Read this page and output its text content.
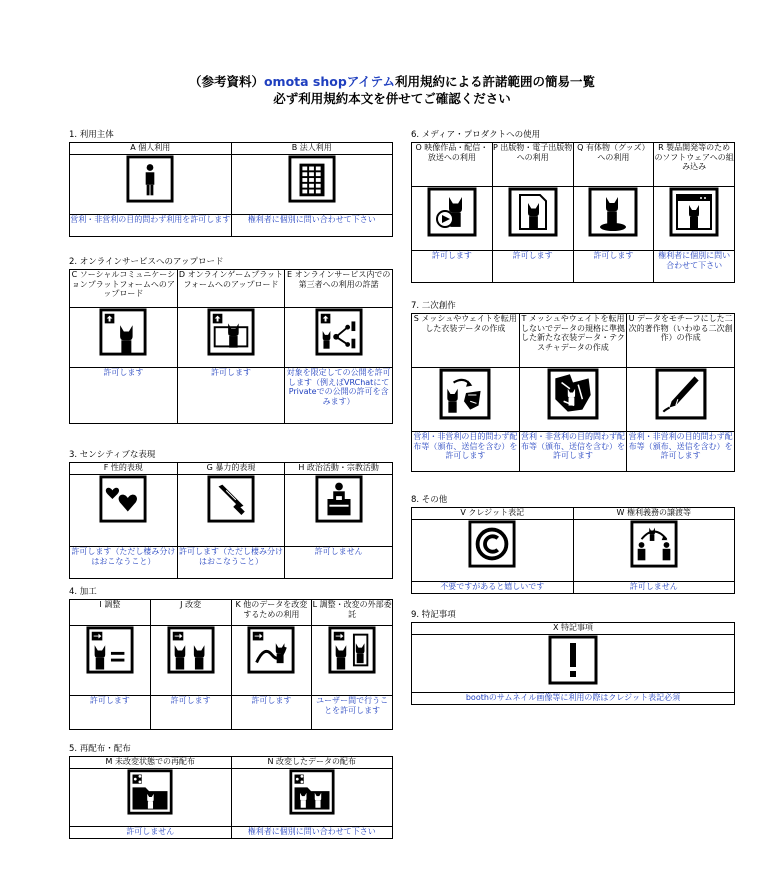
（参考資料）omota shopアイテム利用規約による許諾範囲の簡易一覧
必ず利用規約本文を併せてご確認ください
1. 利用主体
A 個人利用	B 法人利用

営利・非営利の目的問わず利用を許可します	権利者に個別に問い合わせて下さい
2. オンラインサービスへのアップロード
C ソーシャルコミュニケーションプラットフォームへのアップロード	D オンラインゲームプラットフォームへのアップロード	E オンラインサービス内での第三者への利用の許諾

許可します	許可します	対象を限定しての公開を許可します（例えばVRChatにてPrivateでの公開の許可を含みます）
3. センシティブな表現
F 性的表現	G 暴力的表現	H 政治活動・宗教活動

許可します（ただし棲み分けはおこなうこと）	許可します（ただし棲み分けはおこなうこと）	許可しません
4. 加工
I 調整	J 改変	K 他のデータを改変するための利用	L 調整・改変の外部委託

許可します	許可します	許可します	ユーザー間で行うことを許可します
5. 再配布・配布
M 未改変状態での再配布	N 改変したデータの配布

許可しません	権利者に個別に問い合わせて下さい
6. メディア・プロダクトへの使用
O 映像作品・配信・放送への利用	P 出版物・電子出版物への利用	Q 有体物（グッズ）への利用	R 製品開発等のためのソフトウェアへの組み込み

許可します	許可します	許可します	権利者に個別に問い合わせて下さい
7. 二次創作
S メッシュやウェイトを転用した衣装データの作成	T メッシュやウェイトを転用しないでデータの規格に準拠した新たな衣装データ・テクスチャデータの作成	U データをモチーフにした二次的著作物（いわゆる二次創作）の作成

営利・非営利の目的問わず配布等（頒布、送信を含む）を許可します	営利・非営利の目的問わず配布等（頒布、送信を含む）を許可します	営利・非営利の目的問わず配布等（頒布、送信を含む）を許可します
8. その他
V クレジット表記	W 権利義務の譲渡等

不要ですがあると嬉しいです	許可しません
9. 特記事項
X 特記事項

boothのサムネイル画像等に利用の際はクレジット表記必須
